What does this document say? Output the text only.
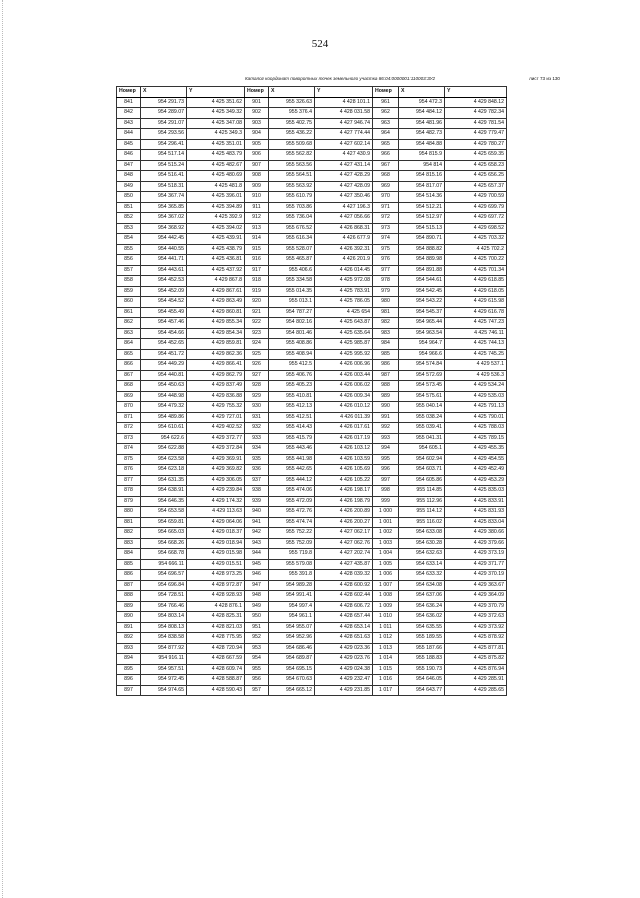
524
Каталог координат поворотных точек земельного участка 86:04:0000001:110003:ЗУ2	лист 73 из 130
Номер	X	Y	Номер	X	Y	Номер	X	Y
841	954 291.73	4 425 351.62	901	955 326.63	4 428 101.1	961	954 472.3	4 429 848.12
842	954 289.07	4 425 349.32	902	955 376.4	4 428 031.58	962	954 484.12	4 429 782.34
843	954 291.07	4 425 347.08	903	955 402.75	4 427 946.74	963	954 481.96	4 429 781.54
844	954 293.56	4 425 349.3	904	955 436.22	4 427 774.44	964	954 482.73	4 429 779.47
845	954 296.41	4 425 351.01	905	955 509.68	4 427 602.14	965	954 484.88	4 429 780.27
846	954 517.14	4 425 483.79	906	955 562.82	4 427 430.9	966	954 815.9	4 425 659.35
847	954 515.24	4 425 482.67	907	955 563.56	4 427 431.14	967	954 814	4 425 658.23
848	954 516.41	4 425 480.69	908	955 564.51	4 427 428.29	968	954 815.16	4 425 656.25
849	954 518.31	4 425 481.8	909	955 563.92	4 427 428.09	969	954 817.07	4 425 657.37
850	954 367.74	4 425 396.01	910	955 610.79	4 427 350.46	970	954 514.36	4 429 700.59
851	954 365.85	4 425 394.89	911	955 703.86	4 427 196.3	971	954 512.21	4 429 699.79
852	954 367.02	4 425 392.9	912	955 736.04	4 427 056.66	972	954 512.97	4 429 697.72
853	954 368.92	4 425 394.02	913	955 676.52	4 426 868.31	973	954 515.13	4 429 698.52
854	954 442.45	4 425 439.91	914	955 616.34	4 426 677.9	974	954 890.71	4 425 703.32
855	954 440.55	4 425 438.79	915	955 528.07	4 426 392.31	975	954 888.82	4 425 702.2
856	954 441.71	4 425 436.81	916	955 465.87	4 426 201.9	976	954 889.98	4 425 700.22
857	954 443.61	4 425 437.92	917	955 406.6	4 426 014.45	977	954 891.88	4 425 701.34
858	954 452.53	4 429 867.8	918	955 334.58	4 425 972.08	978	954 544.61	4 429 618.85
859	954 452.09	4 429 867.61	919	955 014.35	4 425 783.91	979	954 542.45	4 429 618.05
860	954 454.52	4 429 863.49	920	955 013.1	4 425 786.05	980	954 543.22	4 429 615.98
861	954 455.49	4 429 860.81	921	954 787.27	4 425 654	981	954 545.37	4 429 616.78
862	954 457.46	4 429 855.34	922	954 802.16	4 425 643.87	982	954 965.44	4 425 747.23
863	954 454.66	4 429 854.34	923	954 801.46	4 425 635.64	983	954 963.54	4 425 746.11
864	954 452.65	4 429 859.81	924	955 408.86	4 425 985.87	984	954 964.7	4 425 744.13
865	954 451.72	4 429 862.36	925	955 408.94	4 425 995.92	985	954 966.6	4 425 745.25
866	954 449.29	4 429 866.41	926	955 412.5	4 426 006.96	986	954 574.84	4 429 537.1
867	954 440.81	4 429 862.79	927	955 406.76	4 426 003.44	987	954 572.69	4 429 536.3
868	954 450.63	4 429 837.49	928	955 405.23	4 426 006.02	988	954 573.45	4 429 534.24
869	954 448.98	4 429 836.88	929	955 410.81	4 426 009.34	989	954 575.61	4 429 535.03
870	954 479.32	4 429 755.32	930	955 412.13	4 426 010.12	990	955 040.14	4 425 791.13
871	954 489.86	4 429 727.01	931	955 412.51	4 426 011.39	991	955 038.24	4 425 790.01
872	954 610.61	4 429 402.52	932	955 414.43	4 426 017.61	992	955 039.41	4 425 788.03
873	954 622.6	4 429 372.77	933	955 415.79	4 426 017.19	993	955 041.31	4 425 789.15
874	954 622.88	4 429 372.84	934	955 443.46	4 426 103.12	994	954 605.1	4 429 455.35
875	954 623.58	4 429 369.91	935	955 441.98	4 426 103.59	995	954 602.94	4 429 454.55
876	954 623.18	4 429 369.82	936	955 442.65	4 426 105.69	996	954 603.71	4 429 452.49
877	954 631.35	4 429 306.05	937	955 444.12	4 426 105.22	997	954 605.86	4 429 453.29
878	954 638.91	4 429 239.84	938	955 474.06	4 426 198.17	998	955 114.85	4 425 835.03
879	954 646.35	4 429 174.32	939	955 472.09	4 426 198.79	999	955 112.96	4 425 833.91
880	954 653.58	4 429 113.63	940	955 472.76	4 426 200.89	1 000	955 114.12	4 425 831.93
881	954 659.81	4 429 064.06	941	955 474.74	4 426 200.27	1 001	955 116.02	4 425 833.04
882	954 665.03	4 429 018.37	942	955 752.22	4 427 062.17	1 002	954 633.08	4 429 380.66
883	954 668.26	4 429 018.94	943	955 752.09	4 427 062.76	1 003	954 630.28	4 429 379.66
884	954 668.78	4 429 015.98	944	955 719.8	4 427 202.74	1 004	954 632.63	4 429 373.19
885	954 666.11	4 429 015.51	945	955 579.08	4 427 435.87	1 005	954 633.14	4 429 371.77
886	954 696.57	4 428 973.25	946	955 391.8	4 428 039.32	1 006	954 633.32	4 429 370.19
887	954 696.84	4 428 972.87	947	954 989.28	4 428 600.92	1 007	954 634.08	4 429 363.67
888	954 728.51	4 428 928.93	948	954 991.41	4 428 602.44	1 008	954 637.06	4 429 364.09
889	954 766.46	4 428 876.1	949	954 997.4	4 428 606.72	1 009	954 636.24	4 429 370.79
890	954 803.14	4 428 825.31	950	954 961.1	4 428 657.44	1 010	954 636.02	4 429 372.63
891	954 808.13	4 428 821.03	951	954 955.07	4 428 653.14	1 011	954 635.55	4 429 373.92
892	954 838.58	4 428 775.95	952	954 952.96	4 428 651.63	1 012	955 189.55	4 425 878.92
893	954 877.92	4 428 720.94	953	954 686.46	4 429 023.36	1 013	955 187.66	4 425 877.81
894	954 916.11	4 428 667.59	954	954 689.87	4 429 023.76	1 014	955 188.83	4 425 875.82
895	954 957.51	4 428 609.74	955	954 695.15	4 429 024.38	1 015	955 190.73	4 425 876.94
896	954 972.45	4 428 588.87	956	954 670.63	4 429 232.47	1 016	954 646.05	4 429 285.91
897	954 974.65	4 428 590.43	957	954 665.12	4 429 231.85	1 017	954 643.77	4 429 285.65
